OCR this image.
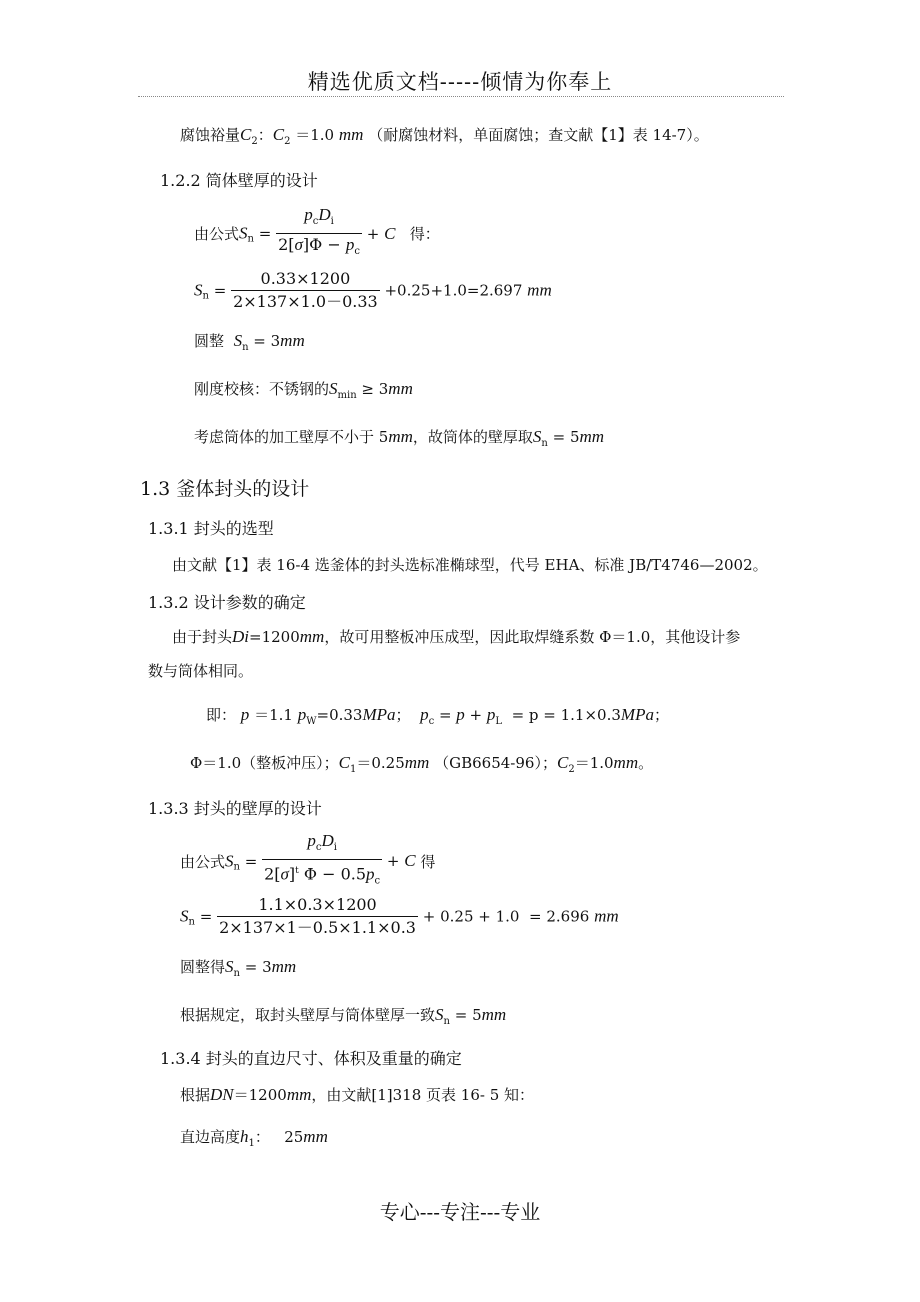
精选优质文档-----倾情为你奉上
腐蚀裕量$C_2$：$C_2 =1.0$ mm （耐腐蚀材料，单面腐蚀；查文献【1】表 14-7）。
1.2.2 筒体壁厚的设计
由公式$S_n = \frac{p_cD_i}{2[\sigma]\Phi - p_c} + C$ 得：
$S_n = \frac{0.33\times 1200}{2\times 137\times 1.0-0.33} +0.25+1.0=2.697$ mm
圆整 $S_n = 3mm$
刚度校核：不锈钢的$S_{min} \ge 3mm$
考虑筒体的加工壁厚不小于 5mm，故筒体的壁厚取$S_n = 5mm$
1.3 釜体封头的设计
1.3.1 封头的选型
由文献【1】表 16-4 选釜体的封头选标准椭球型，代号 EHA、标准 JB/T4746—2002。
1.3.2 设计参数的确定
由于封头Di=1200mm，故可用整板冲压成型，因此取焊缝系数 Φ＝1.0，其他设计参
数与筒体相同。
即： p ＝1.1 $p_W=0.33MPa$；  $p_c = p + p_L = p = 1.1\times 0.3MPa$；
Φ＝1.0（整板冲压）；$C_1=0.25mm$ （GB6654-96）；$C_2=1.0mm$。
1.3.3 封头的壁厚的设计
由公式$S_n = \frac{p_cD_i}{2[\sigma]^t \Phi - 0.5p_c} + C$ 得
$S_n = \frac{1.1\times 0.3\times 1200}{2\times 137\times 1-0.5\times 1.1\times 0.3} + 0.25 + 1.0 = 2.696$ mm
圆整得$S_n = 3mm$
根据规定，取封头壁厚与筒体壁厚一致$S_n = 5mm$
1.3.4 封头的直边尺寸、体积及重量的确定
根据DN＝1200mm，由文献[1]318 页表 16- 5 知：
直边高度$h_1$：   25mm
专心---专注---专业
